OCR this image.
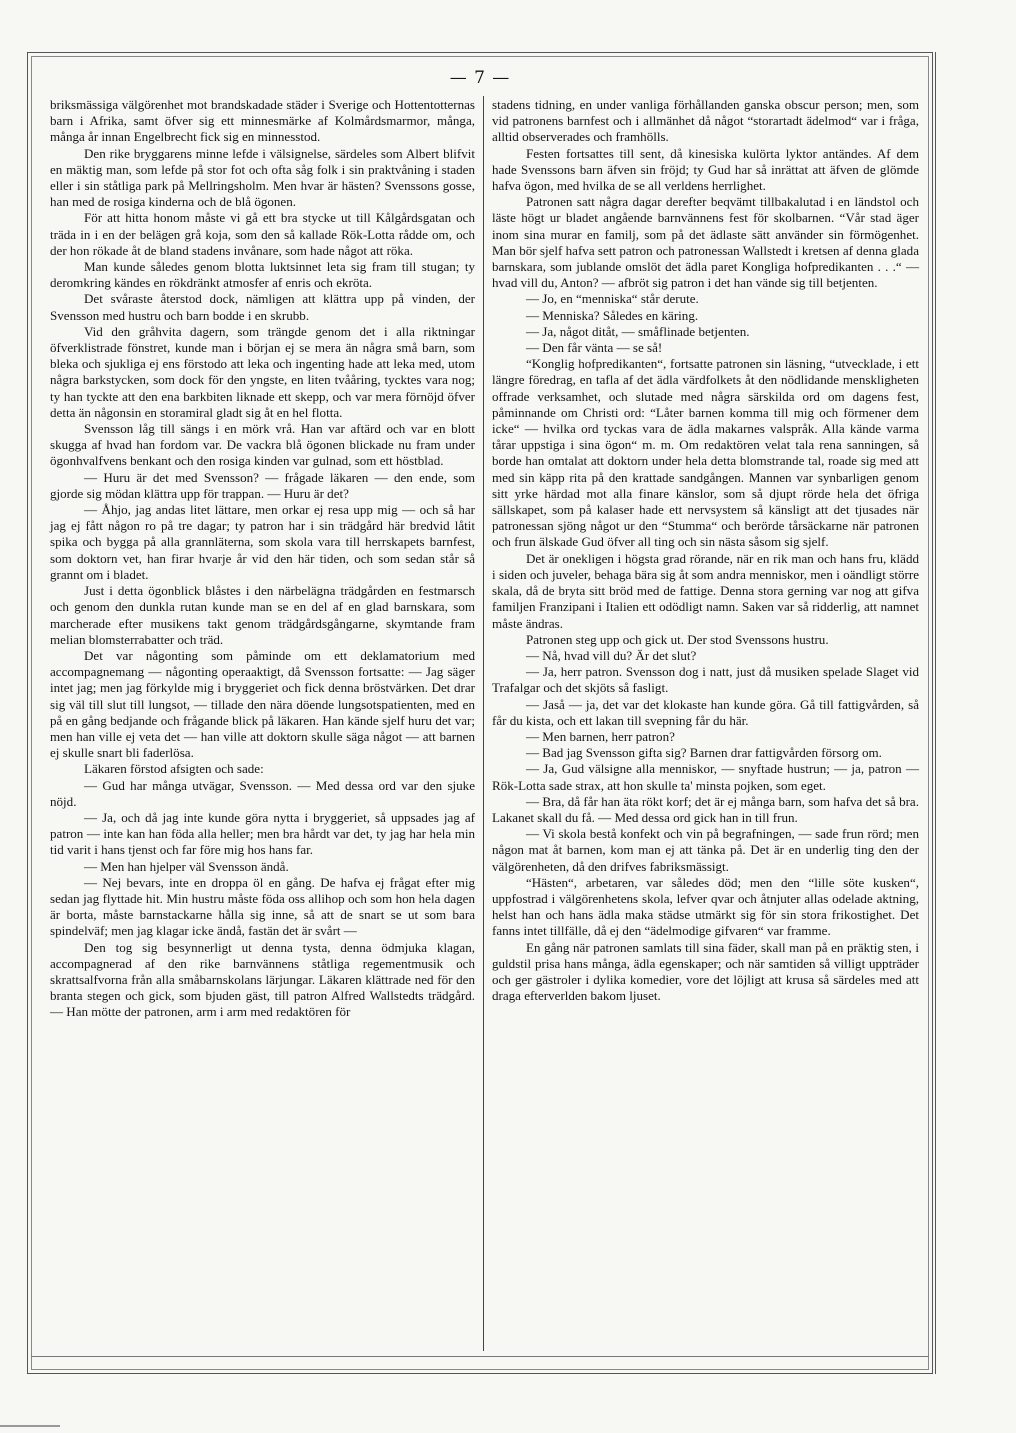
— 7 —

briksmässiga välgörenhet mot brandskadade städer i Sverige och Hottentotternas barn i Afrika, samt öfver sig ett minnesmärke af Kolmårdsmarmor, många, många år innan Engelbrecht fick sig en minnesstod.

Den rike bryggarens minne lefde i välsignelse, särdeles som Albert blifvit en mäktig man, som lefde på stor fot och ofta såg folk i sin praktvåning i staden eller i sin ståtliga park på Mellringsholm. Men hvar är hästen? Svenssons gosse, han med de rosiga kinderna och de blå ögonen.

För att hitta honom måste vi gå ett bra stycke ut till Kålgårdsgatan och träda in i en der belägen grå koja, som den så kallade Rök-Lotta rådde om, och der hon rökade åt de bland stadens invånare, som hade något att röka.

Man kunde således genom blotta luktsinnet leta sig fram till stugan; ty deromkring kändes en rökdränkt atmosfer af enris och ekröta.

Det svåraste återstod dock, nämligen att klättra upp på vinden, der Svensson med hustru och barn bodde i en skrubb.

Vid den gråhvita dagern, som trängde genom det i alla riktningar öfverklistrade fönstret, kunde man i början ej se mera än några små barn, som bleka och sjukliga ej ens förstodo att leka och ingenting hade att leka med, utom några barkstycken, som dock för den yngste, en liten tvååring, tycktes vara nog; ty han tyckte att den ena barkbiten liknade ett skepp, och var mera förnöjd öfver detta än någonsin en storamiral gladt sig åt en hel flotta.

Svensson låg till sängs i en mörk vrå. Han var aftärd och var en blott skugga af hvad han fordom var. De vackra blå ögonen blickade nu fram under ögonhvalfvens benkant och den rosiga kinden var gulnad, som ett höstblad.

— Huru är det med Svensson? — frågade läkaren — den ende, som gjorde sig mödan klättra upp för trappan. — Huru är det?

— Åhjo, jag andas litet lättare, men orkar ej resa upp mig — och så har jag ej fått någon ro på tre dagar; ty patron har i sin trädgård här bredvid låtit spika och bygga på alla grannläterna, som skola vara till herrskapets barnfest, som doktorn vet, han firar hvarje år vid den här tiden, och som sedan står så grannt om i bladet.

Just i detta ögonblick blåstes i den närbelägna trädgården en festmarsch och genom den dunkla rutan kunde man se en del af en glad barnskara, som marcherade efter musikens takt genom trädgårdsgångarne, skymtande fram melian blomsterrabatter och träd.

Det var någonting som påminde om ett deklamatorium med accompagnemang — någonting operaaktigt, då Svensson fortsatte: — Jag säger intet jag; men jag förkylde mig i bryggeriet och fick denna bröstvärken. Det drar sig väl till slut till lungsot, — tillade den nära döende lungsotspatienten, med en på en gång bedjande och frågande blick på läkaren. Han kände sjelf huru det var; men han ville ej veta det — han ville att doktorn skulle säga något — att barnen ej skulle snart bli faderlösa.

Läkaren förstod afsigten och sade:

— Gud har många utvägar, Svensson. — Med dessa ord var den sjuke nöjd.

— Ja, och då jag inte kunde göra nytta i bryggeriet, så uppsades jag af patron — inte kan han föda alla heller; men bra hårdt var det, ty jag har hela min tid varit i hans tjenst och far före mig hos hans far.

— Men han hjelper väl Svensson ändå.

— Nej bevars, inte en droppa öl en gång. De hafva ej frågat efter mig sedan jag flyttade hit. Min hustru måste föda oss allihop och som hon hela dagen är borta, måste barnstackarne hålla sig inne, så att de snart se ut som bara spindelväf; men jag klagar icke ändå, fastän det är svårt —

Den tog sig besynnerligt ut denna tysta, denna ödmjuka klagan, accompagnerad af den rike barnvännens ståtliga regementmusik och skrattsalfvorna från alla småbarnskolans lärjungar. Läkaren klättrade ned för den branta stegen och gick, som bjuden gäst, till patron Alfred Wallstedts trädgård. — Han mötte der patronen, arm i arm med redaktören för

stadens tidning, en under vanliga förhållanden ganska obscur person; men, som vid patronens barnfest och i allmänhet då något “storartadt ädelmod“ var i fråga, alltid observerades och framhölls.

Festen fortsattes till sent, då kinesiska kulörta lyktor antändes. Af dem hade Svenssons barn äfven sin fröjd; ty Gud har så inrättat att äfven de glömde hafva ögon, med hvilka de se all verldens herrlighet.

Patronen satt några dagar derefter beqvämt tillbakalutad i en ländstol och läste högt ur bladet angående barnvännens fest för skolbarnen. “Vår stad äger inom sina murar en familj, som på det ädlaste sätt använder sin förmögenhet. Man bör sjelf hafva sett patron och patronessan Wallstedt i kretsen af denna glada barnskara, som jublande omslöt det ädla paret Kongliga hofpredikanten . . .“ — hvad vill du, Anton? — afbröt sig patron i det han vände sig till betjenten.

— Jo, en “menniska“ står derute.

— Menniska? Således en käring.

— Ja, något ditåt, — småflinade betjenten.

— Den får vänta — se så!

“Konglig hofpredikanten“, fortsatte patronen sin läsning, “utvecklade, i ett längre föredrag, en tafla af det ädla värdfolkets åt den nödlidande menskligheten offrade verksamhet, och slutade med några särskilda ord om dagens fest, påminnande om Christi ord: “Låter barnen komma till mig och förmener dem icke“ — hvilka ord tyckas vara de ädla makarnes valspråk. Alla kände varma tårar uppstiga i sina ögon“ m. m. Om redaktören velat tala rena sanningen, så borde han omtalat att doktorn under hela detta blomstrande tal, roade sig med att med sin käpp rita på den krattade sandgången. Mannen var synbarligen genom sitt yrke härdad mot alla finare känslor, som så djupt rörde hela det öfriga sällskapet, som på kalaser hade ett nervsystem så känsligt att det tjusades när patronessan sjöng något ur den “Stumma“ och berörde tårsäckarne när patronen och frun älskade Gud öfver all ting och sin nästa såsom sig sjelf.

Det är onekligen i högsta grad rörande, när en rik man och hans fru, klädd i siden och juveler, behaga bära sig åt som andra menniskor, men i oändligt större skala, då de bryta sitt bröd med de fattige. Denna stora gerning var nog att gifva familjen Franzipani i Italien ett odödligt namn. Saken var så ridderlig, att namnet måste ändras.

Patronen steg upp och gick ut. Der stod Svenssons hustru.

— Nå, hvad vill du? Är det slut?

— Ja, herr patron. Svensson dog i natt, just då musiken spelade Slaget vid Trafalgar och det skjöts så fasligt.

— Jaså — ja, det var det klokaste han kunde göra. Gå till fattigvården, så får du kista, och ett lakan till svepning får du här.

— Men barnen, herr patron?

— Bad jag Svensson gifta sig? Barnen drar fattigvården försorg om.

— Ja, Gud välsigne alla menniskor, — snyftade hustrun; — ja, patron — Rök-Lotta sade strax, att hon skulle ta' minsta pojken, som eget.

— Bra, då får han äta rökt korf; det är ej många barn, som hafva det så bra. Lakanet skall du få. — Med dessa ord gick han in till frun.

— Vi skola bestå konfekt och vin på begrafningen, — sade frun rörd; men någon mat åt barnen, kom man ej att tänka på. Det är en underlig ting den der välgörenheten, då den drifves fabriksmässigt.

“Hästen“, arbetaren, var således död; men den “lille söte kusken“, uppfostrad i välgörenhetens skola, lefver qvar och åtnjuter allas odelade aktning, helst han och hans ädla maka städse utmärkt sig för sin stora frikostighet. Det fanns intet tillfälle, då ej den “ädelmodige gifvaren“ var framme.

En gång när patronen samlats till sina fäder, skall man på en präktig sten, i guldstil prisa hans många, ädla egenskaper; och när samtiden så villigt uppträder och ger gästroler i dylika komedier, vore det löjligt att krusa så särdeles med att draga efterverlden bakom ljuset.
